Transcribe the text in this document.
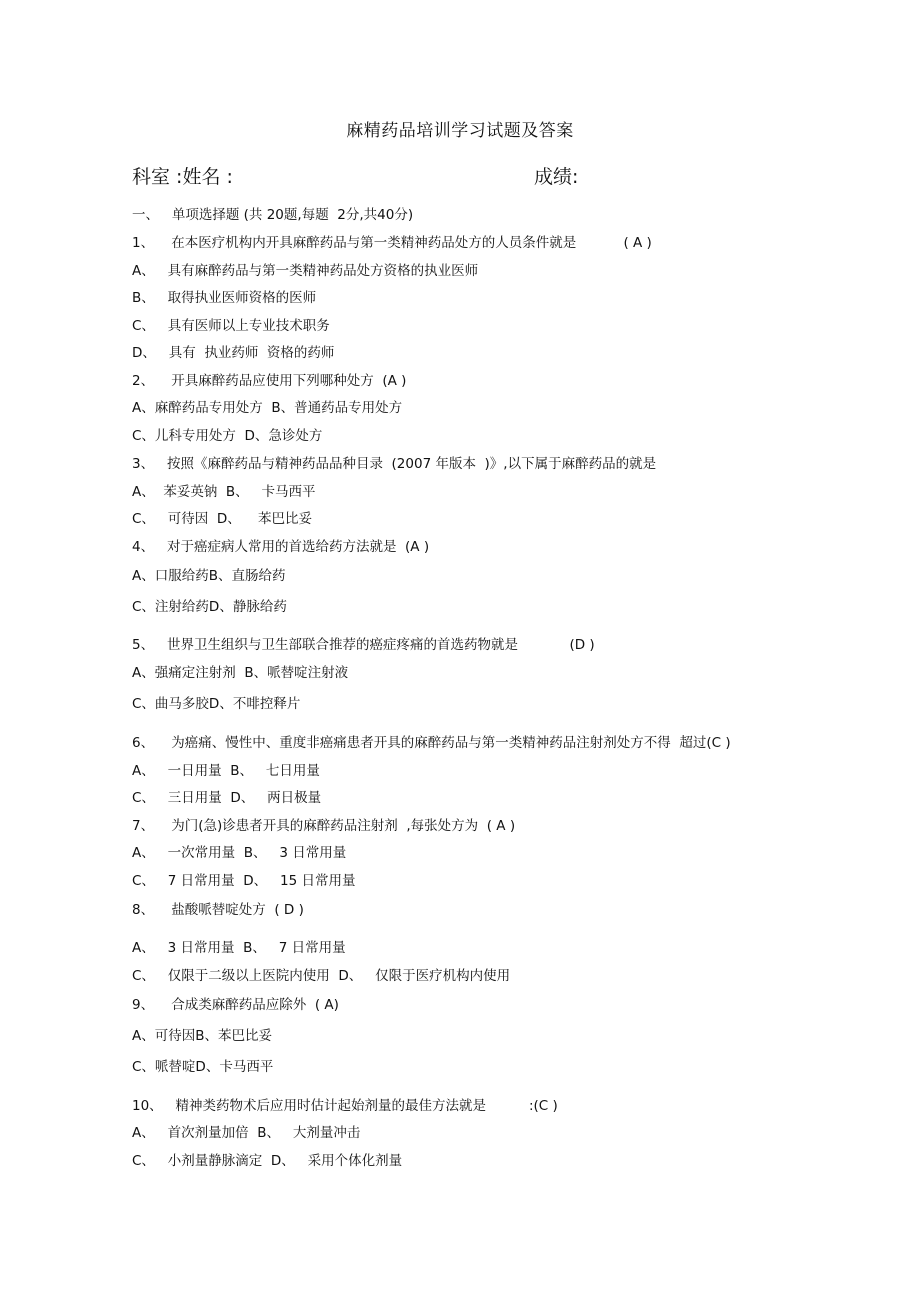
麻精药品培训学习试题及答案
科室 :姓名 :	成绩:
一、   单项选择题 (共 20题,每题  2分,共40分)
1、    在本医疗机构内开具麻醉药品与第一类精神药品处方的人员条件就是           ( A )
A、   具有麻醉药品与第一类精神药品处方资格的执业医师
B、   取得执业医师资格的医师
C、   具有医师以上专业技术职务
D、   具有  执业药师  资格的药师
2、    开具麻醉药品应使用下列哪种处方  (A )
A、麻醉药品专用处方  B、普通药品专用处方
C、儿科专用处方  D、急诊处方
3、   按照《麻醉药品与精神药品品种目录  (2007 年版本  )》,以下属于麻醉药品的就是
A、  苯妥英钠  B、   卡马西平
C、   可待因  D、    苯巴比妥
4、   对于癌症病人常用的首选给药方法就是  (A )
A、口服给药B、直肠给药
C、注射给药D、静脉给药
5、   世界卫生组织与卫生部联合推荐的癌症疼痛的首选药物就是            (D )
A、强痛定注射剂  B、哌替啶注射液
C、曲马多胶D、不啡控释片
6、    为癌痛、慢性中、重度非癌痛患者开具的麻醉药品与第一类精神药品注射剂处方不得  超过(C )
A、   一日用量  B、   七日用量
C、   三日用量  D、   两日极量
7、    为门(急)诊患者开具的麻醉药品注射剂  ,每张处方为  ( A )
A、   一次常用量  B、   3 日常用量
C、   7 日常用量  D、   15 日常用量
8、    盐酸哌替啶处方  ( D )
A、   3 日常用量  B、   7 日常用量
C、   仅限于二级以上医院内使用  D、   仅限于医疗机构内使用
9、    合成类麻醉药品应除外  ( A)
A、可待因B、苯巴比妥
C、哌替啶D、卡马西平
10、   精神类药物术后应用时估计起始剂量的最佳方法就是          :(C )
A、   首次剂量加倍  B、   大剂量冲击
C、   小剂量静脉滴定  D、   采用个体化剂量
